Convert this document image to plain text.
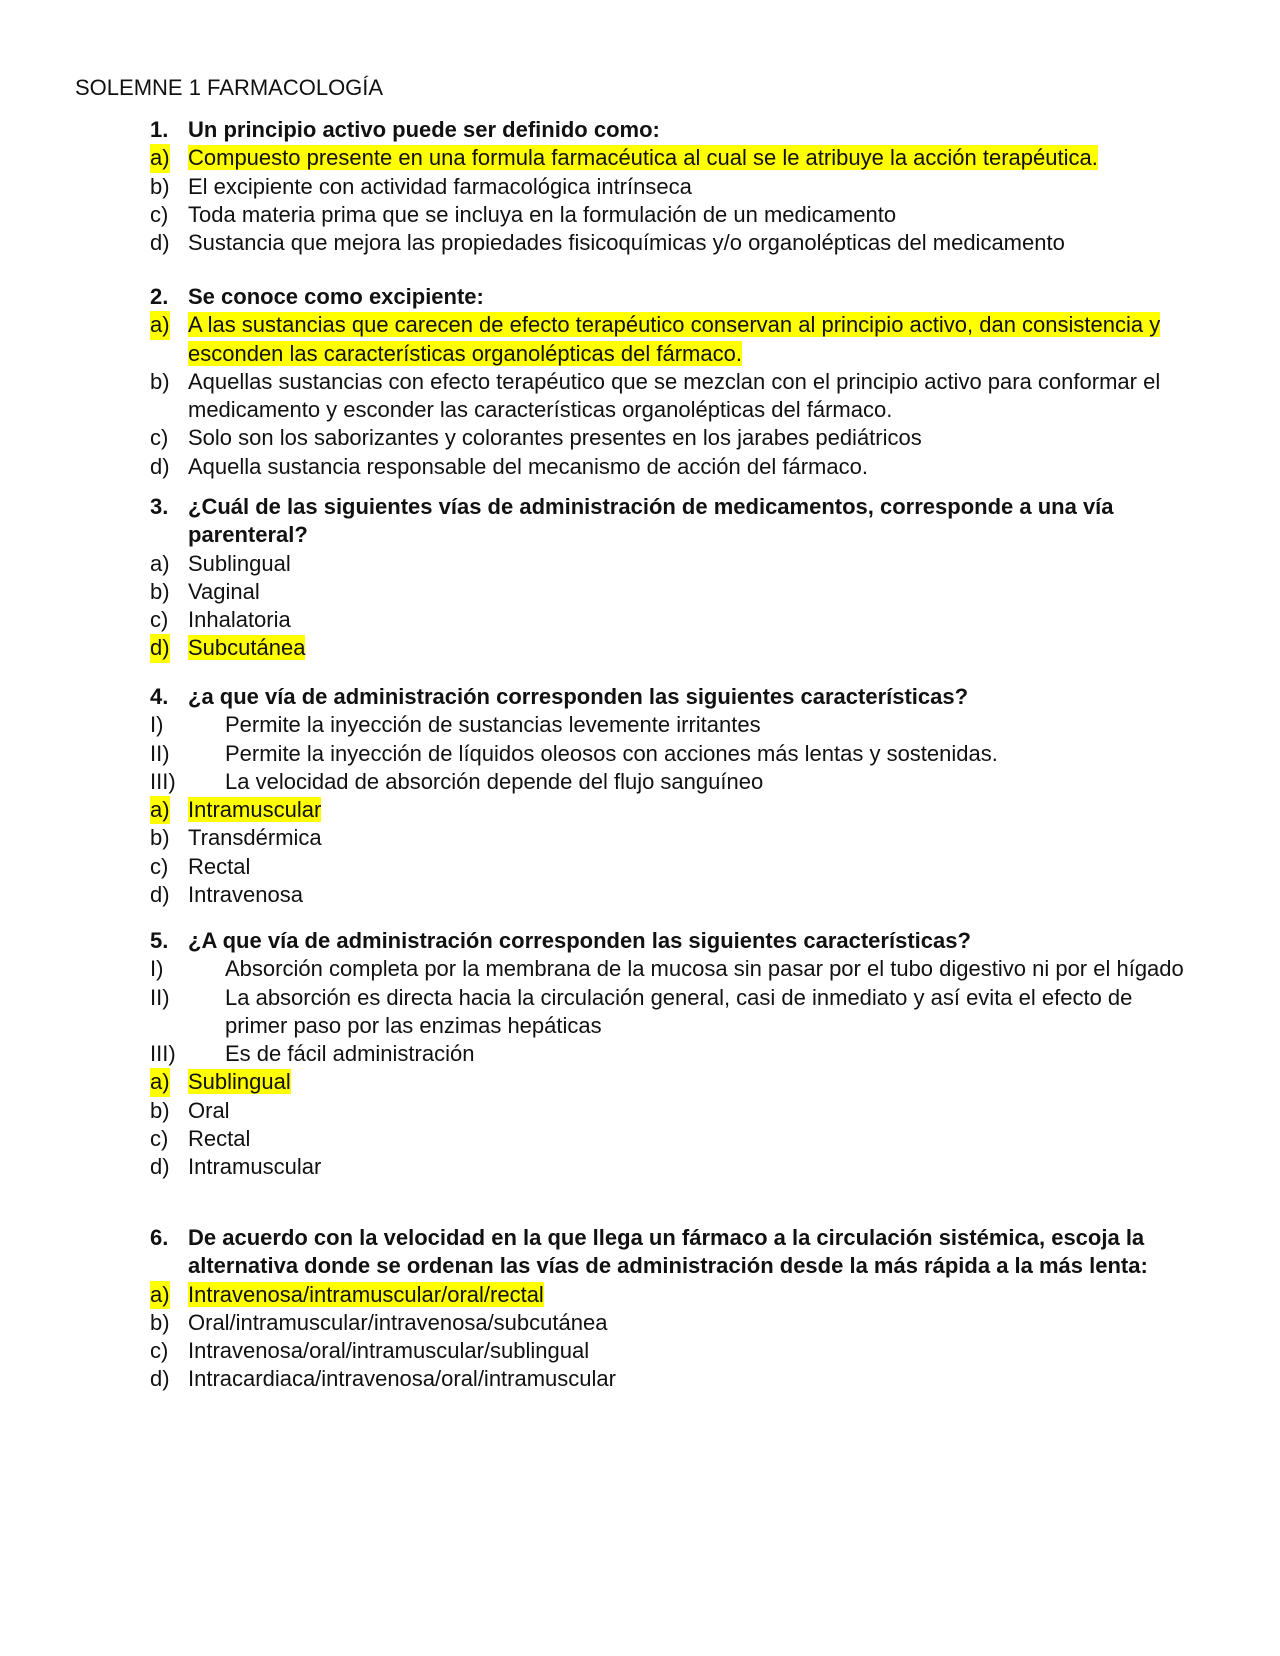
SOLEMNE 1 FARMACOLOGÍA
1. Un principio activo puede ser definido como:
a) Compuesto presente en una formula farmacéutica al cual se le atribuye la acción terapéutica.
b) El excipiente con actividad farmacológica intrínseca
c) Toda materia prima que se incluya en la formulación de un medicamento
d) Sustancia que mejora las propiedades fisicoquímicas y/o organolépticas del medicamento
2. Se conoce como excipiente:
a) A las sustancias que carecen de efecto terapéutico conservan al principio activo, dan consistencia y esconden las características organolépticas del fármaco.
b) Aquellas sustancias con efecto terapéutico que se mezclan con el principio activo para conformar el medicamento y esconder las características organolépticas del fármaco.
c) Solo son los saborizantes y colorantes presentes en los jarabes pediátricos
d) Aquella sustancia responsable del mecanismo de acción del fármaco.
3. ¿Cuál de las siguientes vías de administración de medicamentos, corresponde a una vía parenteral?
a) Sublingual
b) Vaginal
c) Inhalatoria
d) Subcutánea
4. ¿a que vía de administración corresponden las siguientes características?
I)	Permite la inyección de sustancias levemente irritantes
II)	Permite la inyección de líquidos oleosos con acciones más lentas y sostenidas.
III) La velocidad de absorción depende del flujo sanguíneo
a) Intramuscular
b) Transdérmica
c) Rectal
d) Intravenosa
5. ¿A que vía de administración corresponden las siguientes características?
I)	Absorción completa por la membrana de la mucosa sin pasar por el tubo digestivo ni por el hígado
II)	La absorción es directa hacia la circulación general, casi de inmediato y así evita el efecto de primer paso por las enzimas hepáticas
III) Es de fácil administración
a) Sublingual
b) Oral
c) Rectal
d) Intramuscular
6. De acuerdo con la velocidad en la que llega un fármaco a la circulación sistémica, escoja la alternativa donde se ordenan las vías de administración desde la más rápida a la más lenta:
a) Intravenosa/intramuscular/oral/rectal
b) Oral/intramuscular/intravenosa/subcutánea
c) Intravenosa/oral/intramuscular/sublingual
d) Intracardiaca/intravenosa/oral/intramuscular
